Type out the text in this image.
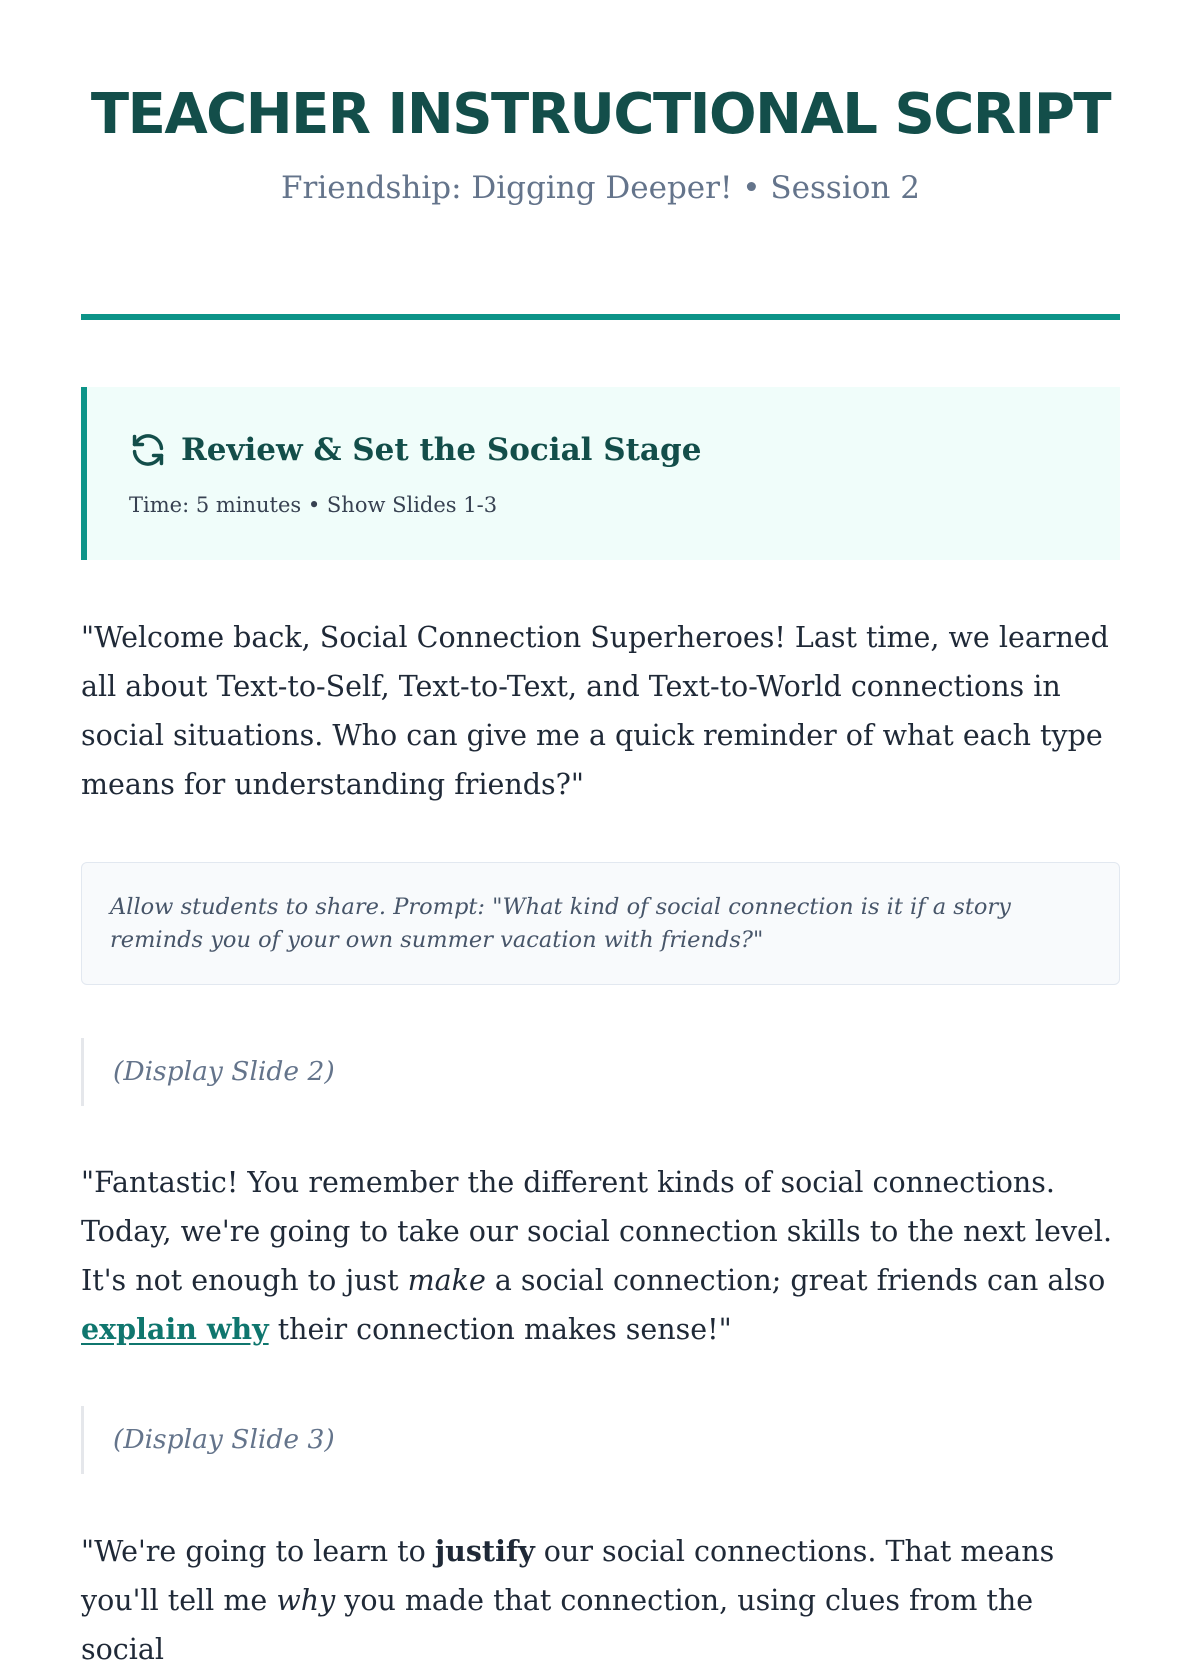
TEACHER INSTRUCTIONAL SCRIPT
Friendship: Digging Deeper! • Session 2
Review & Set the Social Stage
Time: 5 minutes • Show Slides 1-3

"Welcome back, Social Connection Superheroes! Last time, we learned all about Text-to-Self, Text-to-Text, and Text-to-World connections in social situations. Who can give me a quick reminder of what each type means for understanding friends?"

Allow students to share. Prompt: "What kind of social connection is it if a story reminds you of your own summer vacation with friends?"
(Display Slide 2)

"Fantastic! You remember the different kinds of social connections. Today, we're going to take our social connection skills to the next level. It's not enough to just make a social connection; great friends can also explain why their connection makes sense!"

(Display Slide 3)

"We're going to learn to justify our social connections. That means you'll tell me why you made that connection, using clues from the social
